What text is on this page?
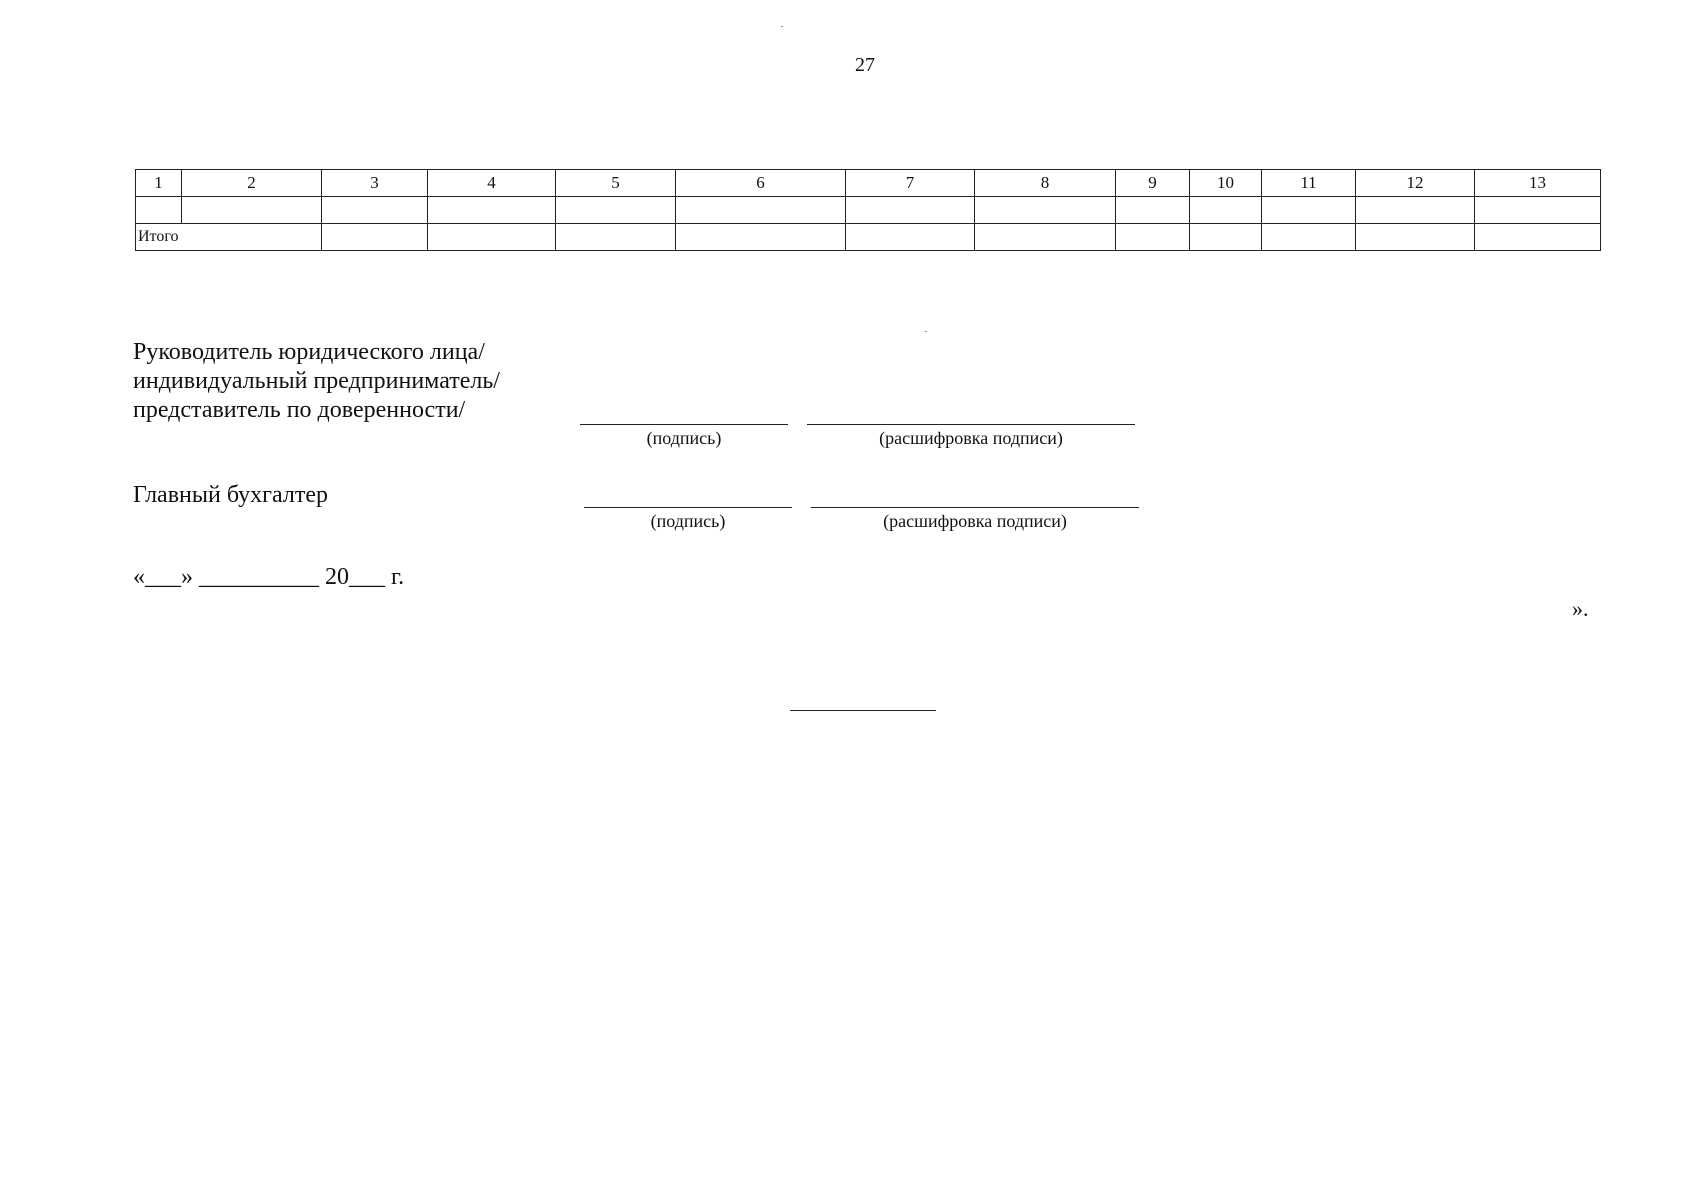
27
1	2	3	4	5	6	7	8	9	10	11	12	13

Итого												
Руководитель юридического лица/
индивидуальный предприниматель/
представитель по доверенности/
(подпись)	(расшифровка подписи)
Главный бухгалтер
(подпись)	(расшифровка подписи)
«___» __________ 20___ г.
».
